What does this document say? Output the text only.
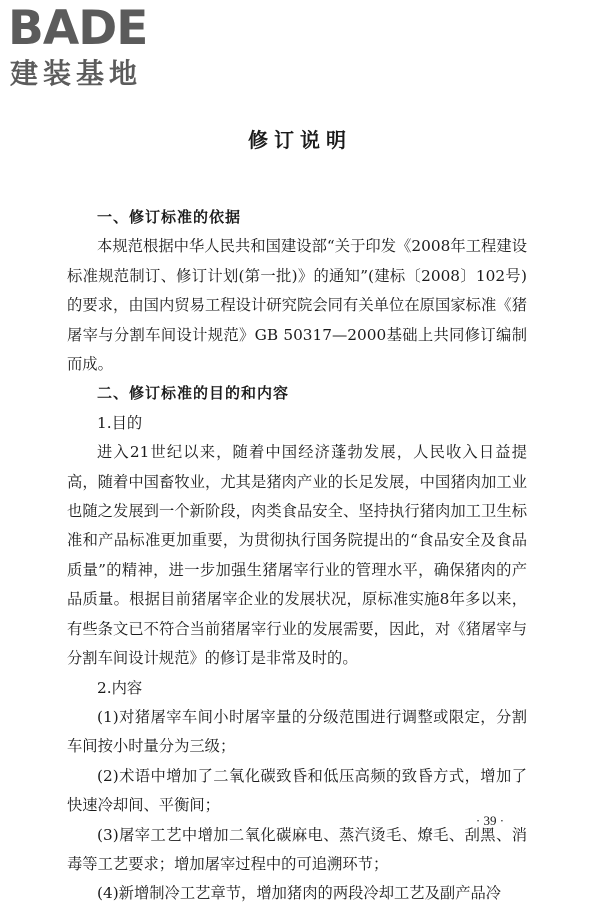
BADE
建装基地
修订说明

一、修订标准的依据

本规范根据中华人民共和国建设部“关于印发《2008年工程建设标准规范制订、修订计划(第一批)》的通知”(建标〔2008〕102号)的要求，由国内贸易工程设计研究院会同有关单位在原国家标准《猪屠宰与分割车间设计规范》GB 50317—2000基础上共同修订编制而成。

二、修订标准的目的和内容

1.目的

进入21世纪以来，随着中国经济蓬勃发展，人民收入日益提高，随着中国畜牧业，尤其是猪肉产业的长足发展，中国猪肉加工业也随之发展到一个新阶段，肉类食品安全、坚持执行猪肉加工卫生标准和产品标准更加重要，为贯彻执行国务院提出的“食品安全及食品质量”的精神，进一步加强生猪屠宰行业的管理水平，确保猪肉的产品质量。根据目前猪屠宰企业的发展状况，原标准实施8年多以来，有些条文已不符合当前猪屠宰行业的发展需要，因此，对《猪屠宰与分割车间设计规范》的修订是非常及时的。

2.内容

(1)对猪屠宰车间小时屠宰量的分级范围进行调整或限定，分割车间按小时量分为三级；

(2)术语中增加了二氧化碳致昏和低压高频的致昏方式，增加了快速冷却间、平衡间；

(3)屠宰工艺中增加二氧化碳麻电、蒸汽烫毛、燎毛、刮黑、消毒等工艺要求；增加屠宰过程中的可追溯环节；

(4)新增制冷工艺章节，增加猪肉的两段冷却工艺及副产品冷

· 39 ·
